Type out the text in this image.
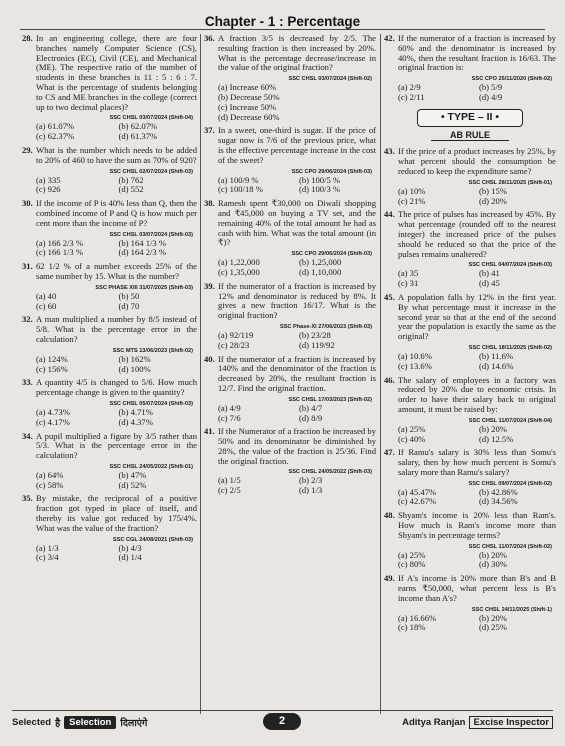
Chapter - 1 : Percentage
28. In an engineering college, there are four branches namely Computer Science (CS), Electronics (EC), Civil (CE), and Mechanical (ME). The respective ratio of the number of students in these branches is 11 : 5 : 6 : 7. What is the percentage of students belonging to CS and ME branches in the college (correct up to two decimal places)?
SSC CHSL 03/07/2024 (Shift-04)
(a) 61.07%	(b) 62.07%
(c) 62.37%	(d) 61.37%
29. What is the number which needs to be added to 20% of 460 to have the sum as 70% of 920?
SSC CHSL 02/07/2024 (Shift-03)
(a) 335	(b) 762
(c) 926	(d) 552
30. If the income of P is 40% less than Q, then the combined income of P and Q is how much per cent more than the income of P?
SSC CHSL 03/07/2024 (Shift-03)
(a) 166 2/3 %	(b) 164 1/3 %
(c) 166 1/3 %	(d) 164 2/3 %
31. 62 1/2 % of a number exceeds 25% of the same number by 15. What is the number?
SSC PHASE XIII 31/07/2025 (Shift-03)
(a) 40	(b) 50
(c) 60	(d) 70
32. A man multiplied a number by 8/5 instead of 5/8. What is the percentage error in the calculation?
SSC MTS 13/06/2023 (Shift-02)
(a) 124%	(b) 162%
(c) 156%	(d) 100%
33. A quantity 4/5 is changed to 5/6. How much percentage change is given to the quantity?
SSC CHSL 05/07/2024 (Shift-03)
(a) 4.73%	(b) 4.71%
(c) 4.17%	(d) 4.37%
34. A pupil multiplied a figure by 3/5 rather than 5/3. What is the percentage error in the calculation?
SSC CHSL 24/05/2022 (Shift-01)
(a) 64%	(b) 47%
(c) 58%	(d) 52%
35. By mistake, the reciprocal of a positive fraction got typed in place of itself, and thereby its value got reduced by 175/4%. What was the value of the fraction?
SSC CGL 24/08/2021 (Shift-03)
(a) 1/3	(b) 4/3
(c) 3/4	(d) 1/4
36. A fraction 3/5 is decreased by 2/5. The resulting fraction is then increased by 20%. What is the percentage decrease/increase in the value of the original fraction?
SSC CHSL 03/07/2024 (Shift-02)
(a) Increase 60%
(b) Decrease 50%
(c) Increase 50%
(d) Decrease 60%
37. In a sweet, one-third is sugar. If the price of sugar now is 7/6 of the previous price, what is the effective percentage increase in the cost of the sweet?
SSC CPO 29/06/2024 (Shift-03)
(a) 100/9 %	(b) 100/5 %
(c) 100/18 %	(d) 100/3 %
38. Ramesh spent ₹30,000 on Diwali shopping and ₹45,000 on buying a TV set, and the remaining 40% of the total amount he had as cash with him. What was the total amount (in ₹)?
SSC CPO 29/06/2024 (Shift-03)
(a) 1,22,000	(b) 1,25,000
(c) 1,35,000	(d) 1,10,000
39. If the numerator of a fraction is increased by 12% and denominator is reduced by 8%. It gives a new fraction 16/17. What is the original fraction?
SSC Phase-XI 27/06/2023 (Shift-03)
(a) 92/119	(b) 23/28
(c) 28/23	(d) 119/92
40. If the numerator of a fraction is increased by 140% and the denominator of the fraction is decreased by 20%, the resultant fraction is 12/7. Find the original fraction.
SSC CHSL 17/03/2023 (Shift-02)
(a) 4/9	(b) 4/7
(c) 7/6	(d) 8/9
41. If the Numerator of a fraction be increased by 50% and its denominator be diminished by 28%, the value of the fraction is 25/36. Find the original fraction.
SSC CHSL 24/05/2022 (Shift-03)
(a) 1/5	(b) 2/3
(c) 2/5	(d) 1/3
42. If the numerator of a fraction is increased by 60% and the denominator is increased by 40%, then the resultant fraction is 16/63. The original fraction is:
SSC CPO 25/11/2020 (Shift-02)
(a) 2/9	(b) 5/9
(c) 2/11	(d) 4/9
• TYPE – II •
AB RULE
43. If the price of a product increases by 25%, by what percent should the consumption be reduced to keep the expenditure same?
SSC CHSL 28/11/2025 (Shift-01)
(a) 10%	(b) 15%
(c) 21%	(d) 20%
44. The price of pulses has increased by 45%. By what percentage (rounded off to the nearest integer) the increased price of the pulses should be reduced so that the price of the pulses remains unaltered?
SSC CHSL 04/07/2024 (Shift-03)
(a) 35	(b) 41
(c) 31	(d) 45
45. A population falls by 12% in the first year. By what percentage must it increase in the second year so that at the end of the second year the population is exactly the same as the original?
SSC CHSL 18/11/2025 (Shift-02)
(a) 10.6%	(b) 11.6%
(c) 13.6%	(d) 14.6%
46. The salary of employees in a factory was reduced by 20% due to economic crisis. In order to have their salary back to original amount, it must be raised by:
SSC CHSL 11/07/2024 (Shift-04)
(a) 25%	(b) 20%
(c) 40%	(d) 12.5%
47. If Ramu's salary is 30% less than Somu's salary, then by how much percent is Somu's salary more than Ramu's salary?
SSC CHSL 09/07/2024 (Shift-02)
(a) 45.47%	(b) 42.86%
(c) 42.67%	(d) 34.56%
48. Shyam's income is 20% less than Ram's. How much is Ram's income more than Shyam's in percentage terms?
SSC CHSL 11/07/2024 (Shift-02)
(a) 25%	(b) 20%
(c) 80%	(d) 30%
49. If A's income is 20% more than B's and B earns ₹50,000, what percent less is B's income than A's?
SSC CHSL 24/11/2025 (Shift-1)
(a) 16.66%	(b) 20%
(c) 18%	(d) 25%
Selected है Selection दिलाएंगे	2	Aditya Ranjan Excise Inspector
